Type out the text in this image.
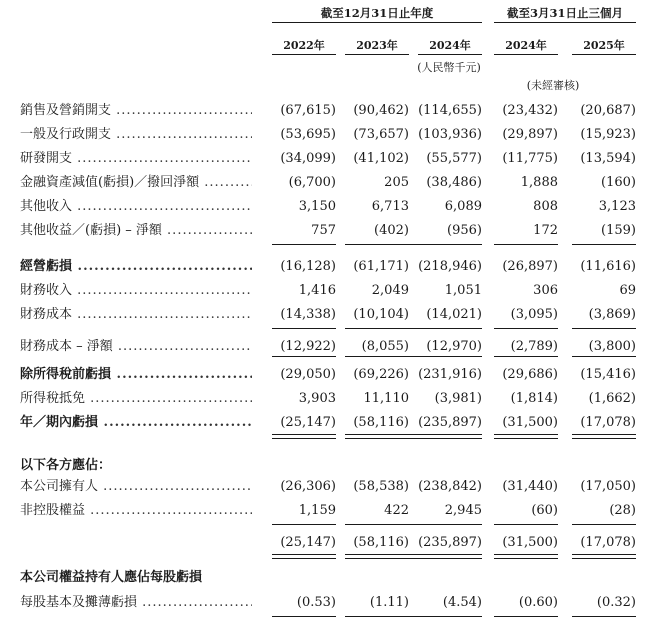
截至12月31日止年度	截至3月31日止三個月
2022年	2023年	2024年	2024年	2025年
(人民幣千元)
(未經審核)
銷售及營銷開支 .....	(67,615)	(90,462) (114,655)	(23,432)	(20,687)
一般及行政開支 .....	(53,695)	(73,657) (103,936)	(29,897)	(15,923)
研發開支 .....	(34,099)	(41,102)	(55,577)	(11,775)	(13,594)
金融資產減值(虧損)／撥回淨額 .....	(6,700)	205	(38,486)	1,888	(160)
其他收入 .....	3,150	6,713	6,089	808	3,123
其他收益／(虧損) – 淨額 .....	757	(402)	(956)	172	(159)
經營虧損 .....	(16,128)	(61,171) (218,946)	(26,897)	(11,616)
財務收入 .....	1,416	2,049	1,051	306	69
財務成本 .....	(14,338)	(10,104)	(14,021)	(3,095)	(3,869)
財務成本 – 淨額 .....	(12,922)	(8,055)	(12,970)	(2,789)	(3,800)
除所得稅前虧損 .....	(29,050)	(69,226) (231,916)	(29,686)	(15,416)
所得稅抵免 .....	3,903	11,110	(3,981)	(1,814)	(1,662)
年／期內虧損 .....	(25,147)	(58,116) (235,897)	(31,500)	(17,078)
以下各方應佔：
本公司擁有人 .....	(26,306)	(58,538) (238,842)	(31,440)	(17,050)
非控股權益 .....	1,159	422	2,945	(60)	(28)
(25,147)	(58,116) (235,897)	(31,500)	(17,078)
本公司權益持有人應佔每股虧損
每股基本及攤薄虧損 .....	(0.53)	(1.11)	(4.54)	(0.60)	(0.32)
